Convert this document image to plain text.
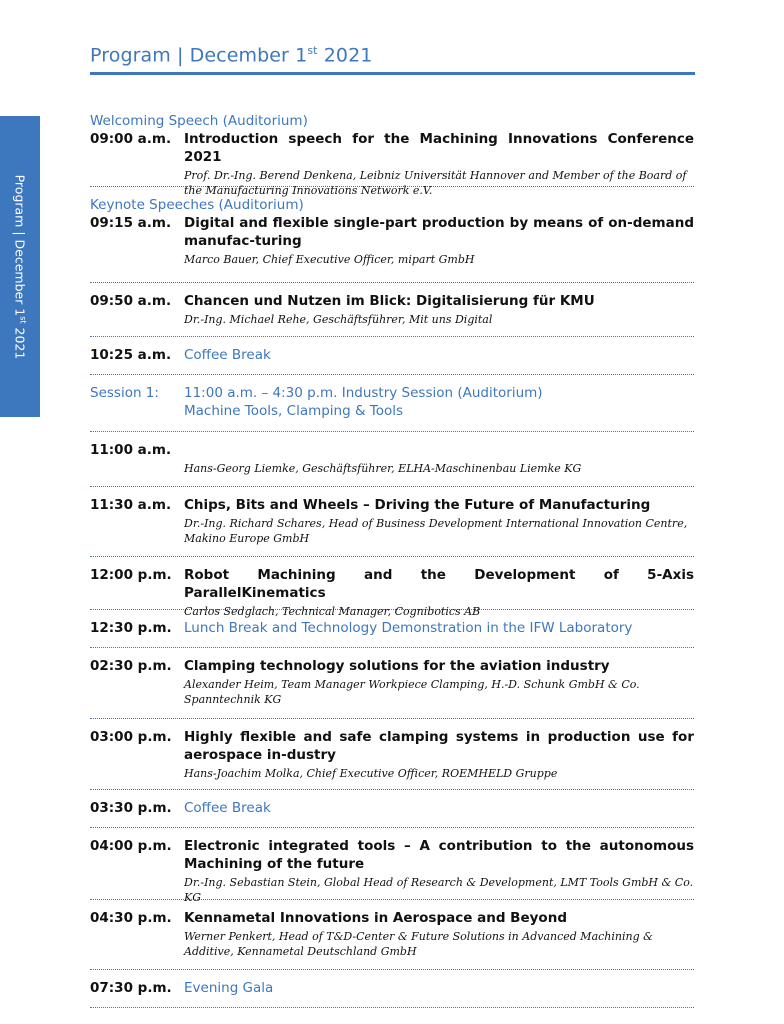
Program | December 1st 2021
Program | December 1st 2021
Welcoming Speech (Auditorium)
09:00 a.m. Introduction speech for the Machining Innovations Conference 2021
Prof. Dr.-Ing. Berend Denkena, Leibniz Universität Hannover and Member of the Board of the Manufacturing Innovations Network e.V.
Keynote Speeches (Auditorium)
09:15 a.m. Digital and flexible single-part production by means of on-demand manufac-turing
Marco Bauer, Chief Executive Officer, mipart GmbH
09:50 a.m. Chancen und Nutzen im Blick: Digitalisierung für KMU
Dr.-Ing. Michael Rehe, Geschäftsführer, Mit uns Digital
10:25 a.m. Coffee Break
Session 1:	11:00 a.m. – 4:30 p.m. Industry Session (Auditorium)
Machine Tools, Clamping & Tools
11:00 a.m.
Hans-Georg Liemke, Geschäftsführer, ELHA-Maschinenbau Liemke KG
11:30 a.m. Chips, Bits and Wheels – Driving the Future of Manufacturing
Dr.-Ing. Richard Schares, Head of Business Development International Innovation Centre, Makino Europe GmbH
12:00 p.m. Robot Machining and the Development of 5-Axis ParallelKinematics
Carlos Sedglach, Technical Manager, Cognibotics AB
12:30 p.m. Lunch Break and Technology Demonstration in the IFW Laboratory
02:30 p.m. Clamping technology solutions for the aviation industry
Alexander Heim, Team Manager Workpiece Clamping, H.-D. Schunk GmbH & Co. Spanntechnik KG
03:00 p.m. Highly flexible and safe clamping systems in production use for aerospace in-dustry
Hans-Joachim Molka, Chief Executive Officer, ROEMHELD Gruppe
03:30 p.m. Coffee Break
04:00 p.m. Electronic integrated tools – A contribution to the autonomous Machining of the future
Dr.-Ing. Sebastian Stein, Global Head of Research & Development, LMT Tools GmbH & Co. KG
04:30 p.m. Kennametal Innovations in Aerospace and Beyond
Werner Penkert, Head of T&D-Center & Future Solutions in Advanced Machining & Additive, Kennametal Deutschland GmbH
07:30 p.m. Evening Gala
